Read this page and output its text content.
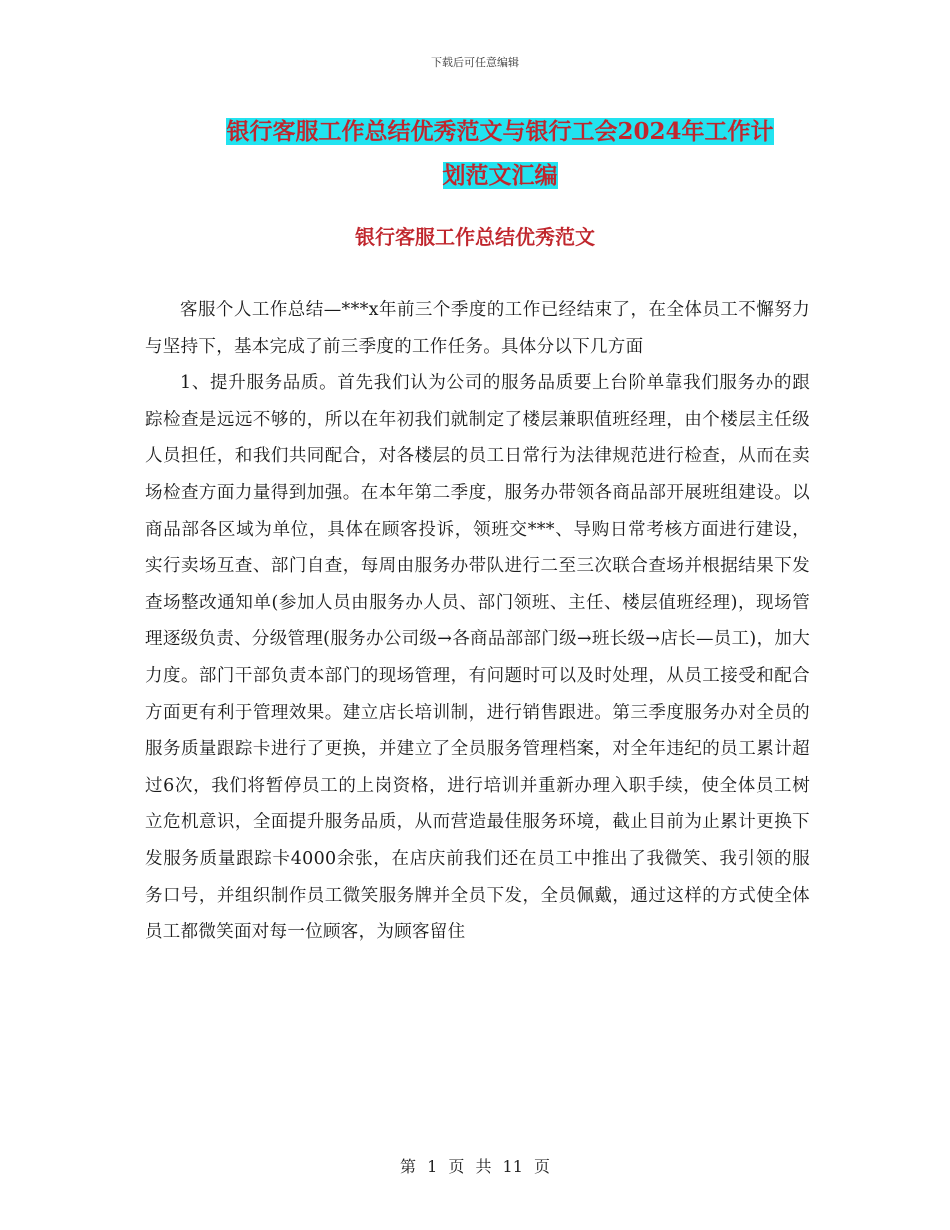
下载后可任意编辑
银行客服工作总结优秀范文与银行工会2024年工作计
划范文汇编
银行客服工作总结优秀范文

客服个人工作总结—***x年前三个季度的工作已经结束了，在全体员工不懈努力与坚持下，基本完成了前三季度的工作任务。具体分以下几方面

1、提升服务品质。首先我们认为公司的服务品质要上台阶单靠我们服务办的跟踪检查是远远不够的，所以在年初我们就制定了楼层兼职值班经理，由个楼层主任级人员担任，和我们共同配合，对各楼层的员工日常行为法律规范进行检查，从而在卖场检查方面力量得到加强。在本年第二季度，服务办带领各商品部开展班组建设。以商品部各区域为单位，具体在顾客投诉，领班交***、导购日常考核方面进行建设，实行卖场互查、部门自查，每周由服务办带队进行二至三次联合查场并根据结果下发查场整改通知单(参加人员由服务办人员、部门领班、主任、楼层值班经理)，现场管理逐级负责、分级管理(服务办公司级→各商品部部门级→班长级→店长—员工)，加大力度。部门干部负责本部门的现场管理，有问题时可以及时处理，从员工接受和配合方面更有利于管理效果。建立店长培训制，进行销售跟进。第三季度服务办对全员的服务质量跟踪卡进行了更换，并建立了全员服务管理档案，对全年违纪的员工累计超过6次，我们将暂停员工的上岗资格，进行培训并重新办理入职手续，使全体员工树立危机意识，全面提升服务品质，从而营造最佳服务环境，截止目前为止累计更换下发服务质量跟踪卡4000余张，在店庆前我们还在员工中推出了我微笑、我引领的服务口号，并组织制作员工微笑服务牌并全员下发，全员佩戴，通过这样的方式使全体员工都微笑面对每一位顾客，为顾客留住

第 1 页 共 11 页
